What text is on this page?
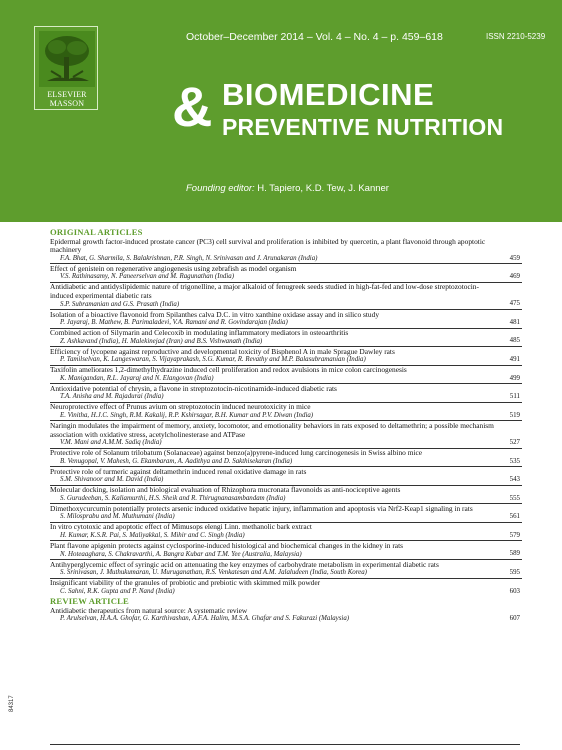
ELSEVIER
MASSON
October–December 2014 – Vol. 4 – No. 4 – p. 459–618	ISSN 2210-5239
& BIOMEDICINE
PREVENTIVE NUTRITION
Founding editor: H. Tapiero, K.D. Tew, J. Kanner
ORIGINAL ARTICLES
Epidermal growth factor-induced prostate cancer (PC3) cell survival and proliferation is inhibited by quercetin, a plant flavonoid through apoptotic machinery
F.A. Bhat, G. Sharmila, S. Balakrishnan, P.R. Singh, N. Srinivasan and J. Arunakaran (India)	459
Effect of genistein on regenerative angiogenesis using zebrafish as model organism
V.S. Rathinasamy, N. Paneerselvan and M. Ragunathan (India)	469
Antidiabetic and antidyslipidemic nature of trigonelline, a major alkaloid of fenugreek seeds studied in high-fat-fed and low-dose streptozotocin-induced experimental diabetic rats
S.P. Subramanian and G.S. Prasath (India)	475
Isolation of a bioactive flavonoid from Spilanthes calva D.C. in vitro xanthine oxidase assay and in silico study
P. Jayaraj, B. Mathew, B. Parimaladevi, V.A. Ramani and R. Govindarajan (India)	481
Combined action of Silymarin and Celecoxib in modulating inflammatory mediators in osteoarthritis
Z. Ashkavand (India), H. Malekinejad (Iran) and B.S. Vishwanath (India)	485
Efficiency of lycopene against reproductive and developmental toxicity of Bisphenol A in male Sprague Dawley rats
P. Tamilselvan, K. Langeswaran, S. Vijayaprakash, S.G. Kumar, R. Revathy and M.P. Balasubramanian (India)	491
Taxifolin ameliorates 1,2-dimethylhydrazine induced cell proliferation and redox avulsions in mice colon carcinogenesis
K. Manigandan, R.L. Jayaraj and N. Elangovan (India)	499
Antioxidative potential of chrysin, a flavone in streptozotocin-nicotinamide-induced diabetic rats
T.A. Anisha and M. Rajadurai (India)	511
Neuroprotective effect of Prunus avium on streptozotocin induced neurotoxicity in mice
E. Vinitha, H.J.C. Singh, R.M. Kakalij, R.P. Kshirsagar, B.H. Kumar and P.V. Diwan (India)	519
Naringin modulates the impairment of memory, anxiety, locomotor, and emotionality behaviors in rats exposed to deltamethrin; a possible mechanism association with oxidative stress, acetylcholinesterase and ATPase
V.M. Mani and A.M.M. Sadiq (India)	527
Protective role of Solanum trilobatum (Solanaceae) against benzo(a)pyrene-induced lung carcinogenesis in Swiss albino mice
B. Venugopal, V. Mahesh, G. Ekambaram, A. Aadithya and D. Sakthisekaran (India)	535
Protective role of turmeric against deltamethrin induced renal oxidative damage in rats
S.M. Shivanoor and M. David (India)	543
Molecular docking, isolation and biological evaluation of Rhizophora mucronata flavonoids as anti-nociceptive agents
S. Gurudeeban, S. Kaliamurthi, H.S. Sheik and R. Thirugnanasambandam (India)	555
Dimethoxycurcumin potentially protects arsenic induced oxidative hepatic injury, inflammation and apoptosis via Nrf2-Keap1 signaling in rats
S. Milosprabu and M. Muthumani (India)	561
In vitro cytotoxic and apoptotic effect of Mimusops elengi Linn. methanolic bark extract
H. Kumar, K.S.R. Pai, S. Maliyakkal, S. Mihir and C. Singh (India)	579
Plant flavone apigenin protects against cyclosporine-induced histological and biochemical changes in the kidney in rats
N. Hoteaaghara, S. Chakravarthi, A. Bangra Kubar and T.M. Yee (Australia, Malaysia)	589
Antihyperglycemic effect of syringic acid on attenuating the key enzymes of carbohydrate metabolism in experimental diabetic rats
S. Srinivasan, J. Muthukumaran, U. Muruganathan, R.S. Venkatesan and A.M. Jalaludeen (India, South Korea)	595
Insignificant viability of the granules of probiotic and prebiotic with skimmed milk powder
C. Sahni, R.K. Gupta and P. Nand (India)	603
REVIEW ARTICLE
Antidiabetic therapeutics from natural source: A systematic review
P. Arulselvan, H.A.A. Ghofar, G. Karthivashan, A.F.A. Halim, M.S.A. Ghafar and S. Fakurazi (Malaysia)	607
84317
